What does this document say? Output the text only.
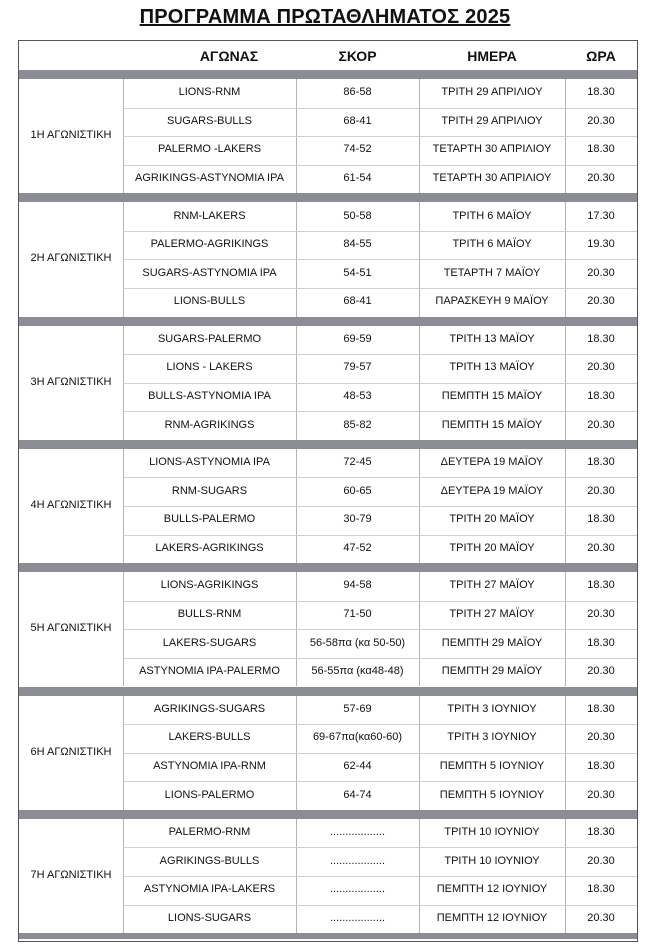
ΠΡΟΓΡΑΜΜΑ ΠΡΩΤΑΘΛΗΜΑΤΟΣ 2025
ΑΓΩΝΑΣ	ΣΚΟΡ	ΗΜΕΡΑ	ΩΡΑ
1Η ΑΓΩΝΙΣΤΙΚΗ
LIONS-RNM	86-58	ΤΡΙΤΗ 29 ΑΠΡΙΛΙΟΥ	18.30
SUGARS-BULLS	68-41	ΤΡΙΤΗ 29 ΑΠΡΙΛΙΟΥ	20.30
PALERMO -LAKERS	74-52	ΤΕΤΑΡΤΗ 30 ΑΠΡΙΛΙΟΥ	18.30
AGRIKINGS-ASTYNOMIA IPA	61-54	ΤΕΤΑΡΤΗ 30 ΑΠΡΙΛΙΟΥ	20.30
2Η ΑΓΩΝΙΣΤΙΚΗ
RNM-LAKERS	50-58	ΤΡΙΤΗ 6 ΜΑΪΟΥ	17.30
PALERMO-AGRIKINGS	84-55	ΤΡΙΤΗ 6 ΜΑΪΟΥ	19.30
SUGARS-ASTYNOMIA IPA	54-51	ΤΕΤΑΡΤΗ 7 ΜΑΪΟΥ	20.30
LIONS-BULLS	68-41	ΠΑΡΑΣΚΕΥΗ 9 ΜΑΪΟΥ	20.30
3Η ΑΓΩΝΙΣΤΙΚΗ
SUGARS-PALERMO	69-59	ΤΡΙΤΗ 13 ΜΑΪΟΥ	18.30
LIONS - LAKERS	79-57	ΤΡΙΤΗ 13 ΜΑΪΟΥ	20.30
BULLS-ASTYNOMIA IPA	48-53	ΠΕΜΠΤΗ 15 ΜΑΪΟΥ	18.30
RNM-AGRIKINGS	85-82	ΠΕΜΠΤΗ 15 ΜΑΪΟΥ	20.30
4Η ΑΓΩΝΙΣΤΙΚΗ
LIONS-ASTYNOMIA IPA	72-45	ΔΕΥΤΕΡΑ 19 ΜΑΪΟΥ	18.30
RNM-SUGARS	60-65	ΔΕΥΤΕΡΑ 19 ΜΑΪΟΥ	20.30
BULLS-PALERMO	30-79	ΤΡΙΤΗ 20 ΜΑΪΟΥ	18.30
LAKERS-AGRIKINGS	47-52	ΤΡΙΤΗ 20 ΜΑΪΟΥ	20.30
5Η ΑΓΩΝΙΣΤΙΚΗ
LIONS-AGRIKINGS	94-58	ΤΡΙΤΗ 27 ΜΑΪΟΥ	18.30
BULLS-RNM	71-50	ΤΡΙΤΗ 27 ΜΑΪΟΥ	20.30
LAKERS-SUGARS	56-58πα (κα 50-50)	ΠΕΜΠΤΗ 29 ΜΑΪΟΥ	18.30
ASTYNOMIA IPA-PALERMO	56-55πα (κα48-48)	ΠΕΜΠΤΗ 29 ΜΑΪΟΥ	20.30
6Η ΑΓΩΝΙΣΤΙΚΗ
AGRIKINGS-SUGARS	57-69	ΤΡΙΤΗ 3 ΙΟΥΝΙΟΥ	18.30
LAKERS-BULLS	69-67πα(κα60-60)	ΤΡΙΤΗ 3 ΙΟΥΝΙΟΥ	20.30
ASTYNOMIA IPA-RNM	62-44	ΠΕΜΠΤΗ 5 ΙΟΥΝΙΟΥ	18.30
LIONS-PALERMO	64-74	ΠΕΜΠΤΗ 5 ΙΟΥΝΙΟΥ	20.30
7Η ΑΓΩΝΙΣΤΙΚΗ
PALERMO-RNM	..................	ΤΡΙΤΗ 10 ΙΟΥΝΙΟΥ	18.30
AGRIKINGS-BULLS	..................	ΤΡΙΤΗ 10 ΙΟΥΝΙΟΥ	20.30
ASTYNOMIA IPA-LAKERS	..................	ΠΕΜΠΤΗ 12 ΙΟΥΝΙΟΥ	18.30
LIONS-SUGARS	..................	ΠΕΜΠΤΗ 12 ΙΟΥΝΙΟΥ	20.30
